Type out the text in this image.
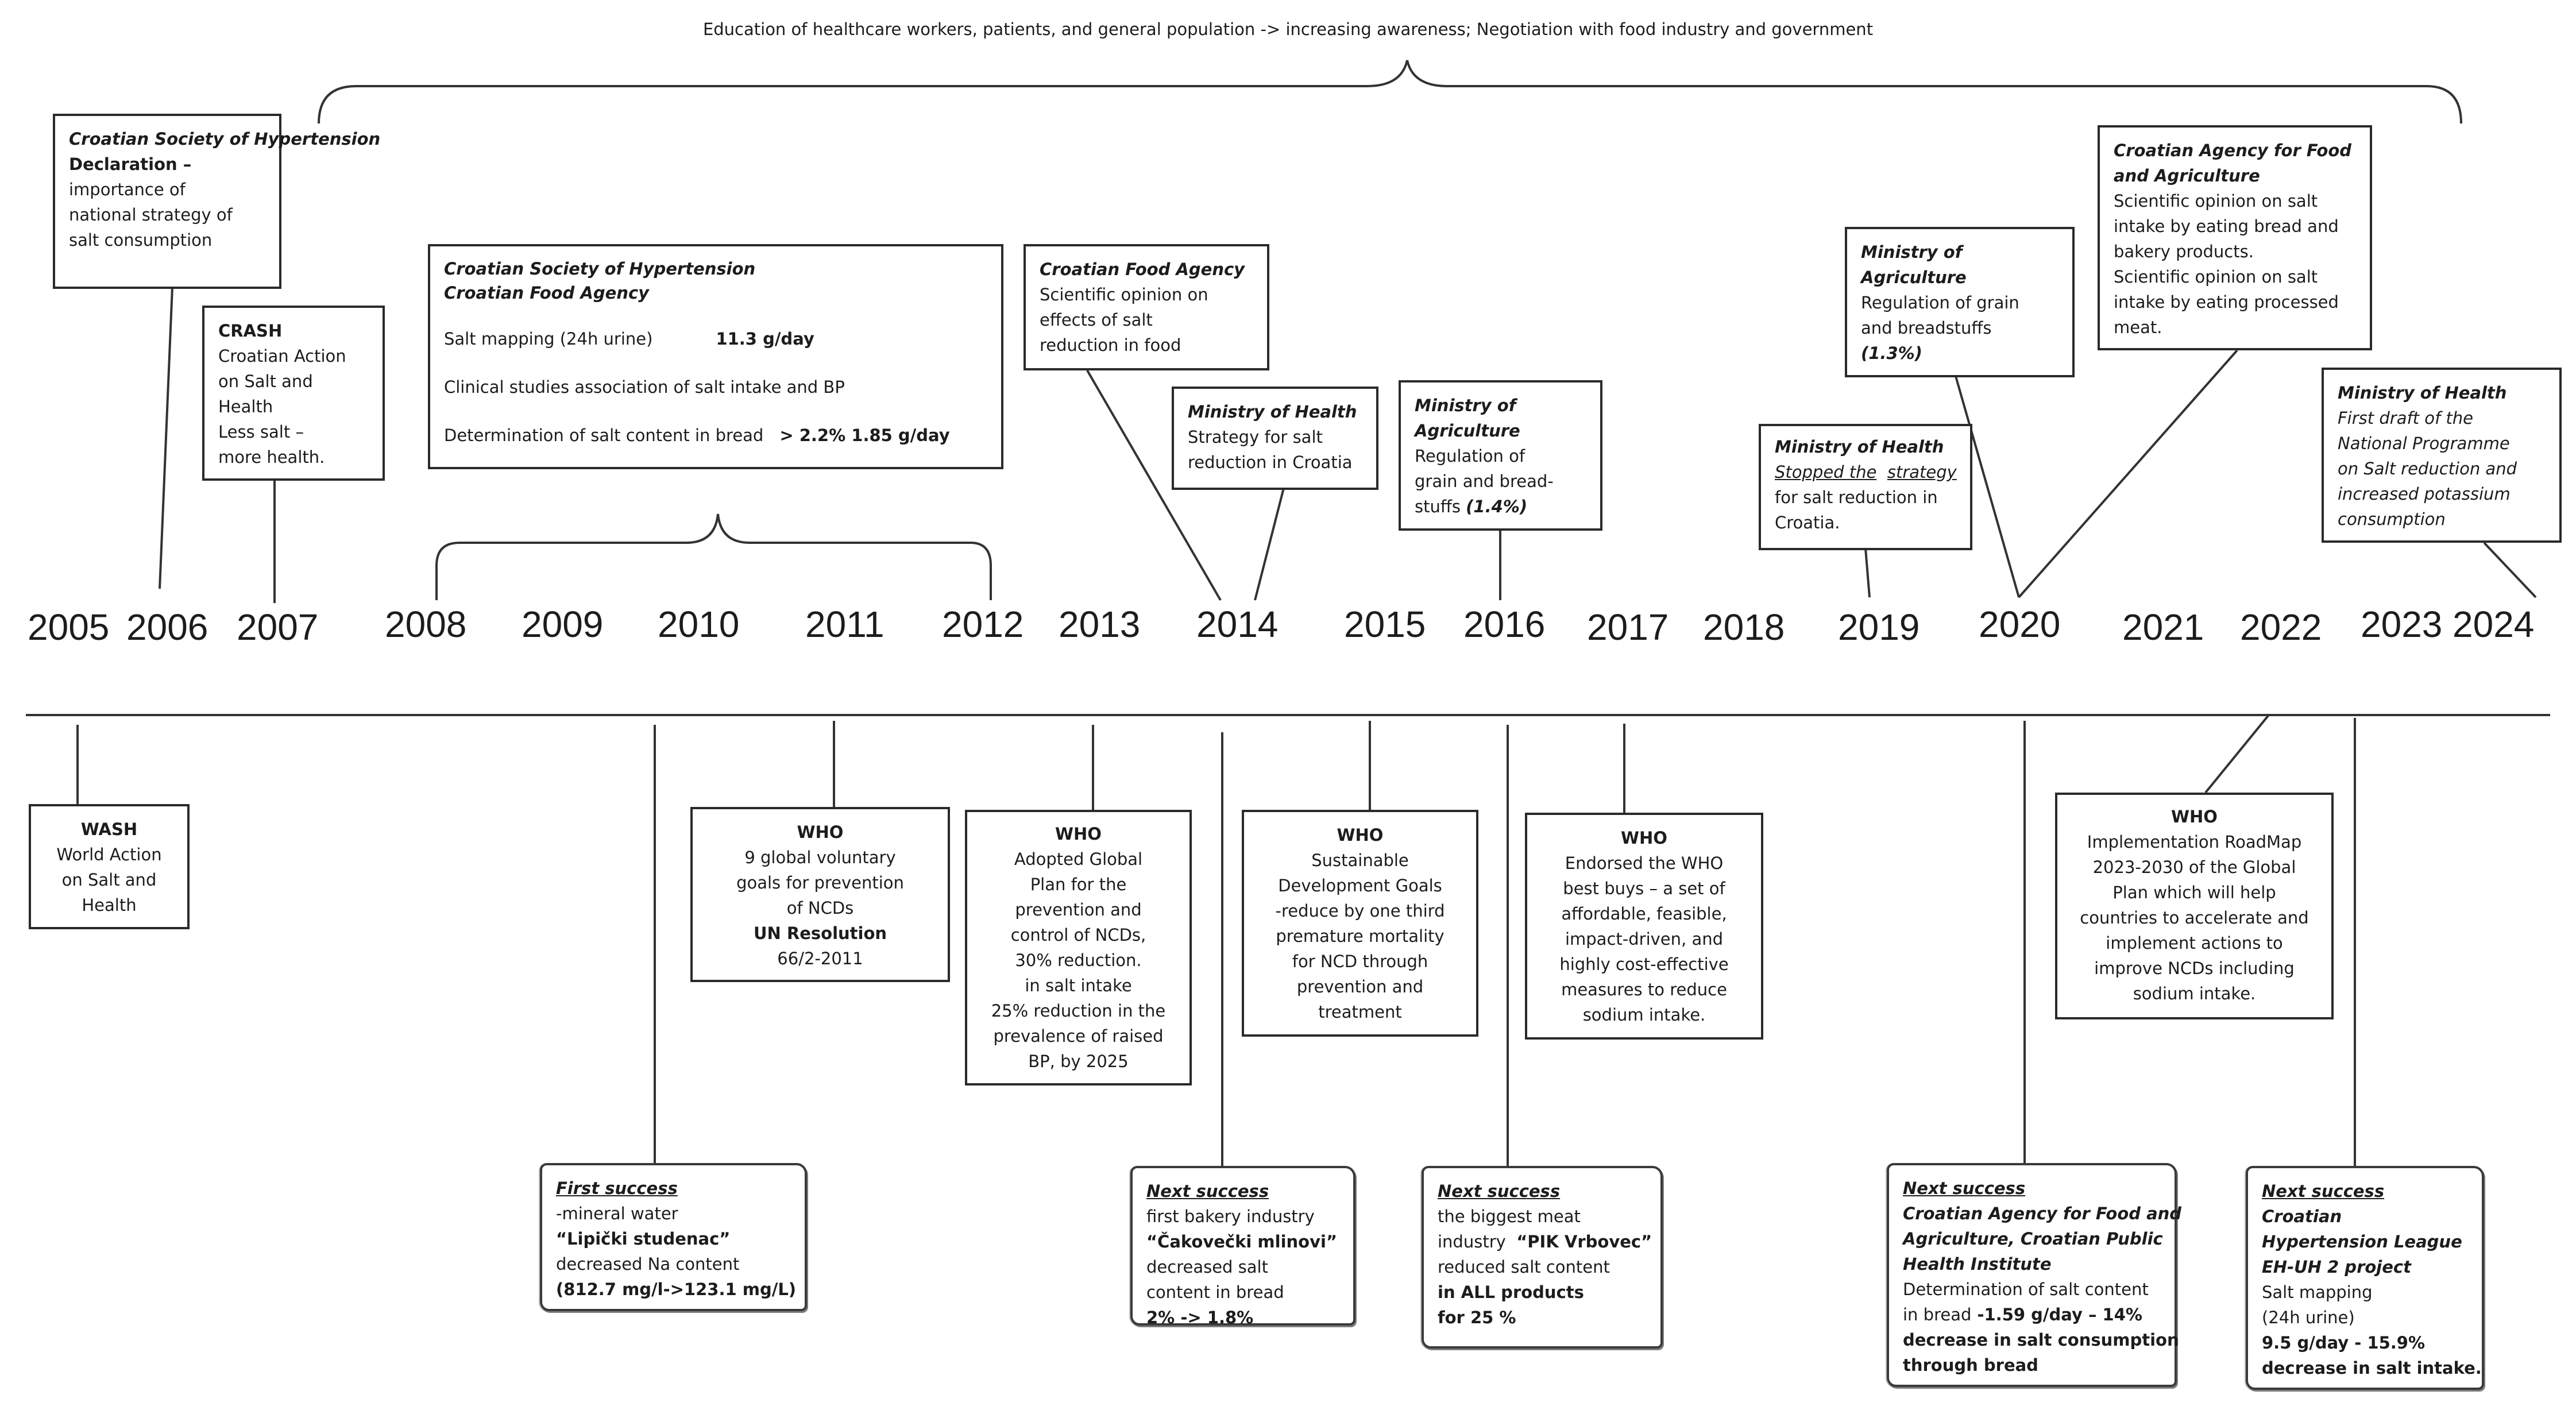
Education of healthcare workers, patients, and general population -> increasing awareness; Negotiation with food industry and government
2005 2006 2007 2008 2009 2010 2011 2012 2013 2014 2015 2016 2017 2018 2019 2020 2021 2022 2023 2024
Croatian Society of Hypertension
Declaration –
importance of
national strategy of
salt consumption
CRASH
Croatian Action
on Salt and
Health
Less salt –
more health.
Croatian Society of Hypertension
Croatian Food Agency
Salt mapping (24h urine)	11.3 g/day
Clinical studies association of salt intake and BP
Determination of salt content in bread > 2.2% 1.85 g/day
Croatian Food Agency
Scientific opinion on
effects of salt
reduction in food
Ministry of Health
Strategy for salt
reduction in Croatia
Ministry of
Agriculture
Regulation of
grain and bread-
stuffs (1.4%)
Ministry of Health
Stopped the strategy
for salt reduction in
Croatia.
Ministry of
Agriculture
Regulation of grain
and breadstuffs
(1.3%)
Croatian Agency for Food
and Agriculture
Scientific opinion on salt
intake by eating bread and
bakery products.
Scientific opinion on salt
intake by eating processed
meat.
Ministry of Health
First draft of the
National Programme
on Salt reduction and
increased potassium
consumption
WASH
World Action
on Salt and
Health
WHO
9 global voluntary
goals for prevention
of NCDs
UN Resolution
66/2-2011
WHO
Adopted Global
Plan for the
prevention and
control of NCDs,
30% reduction.
in salt intake
25% reduction in the
prevalence of raised
BP, by 2025
WHO
Sustainable
Development Goals
-reduce by one third
premature mortality
for NCD through
prevention and
treatment
WHO
Endorsed the WHO
best buys – a set of
affordable, feasible,
impact-driven, and
highly cost-effective
measures to reduce
sodium intake.
WHO
Implementation RoadMap
2023-2030 of the Global
Plan which will help
countries to accelerate and
implement actions to
improve NCDs including
sodium intake.
First success
-mineral water
“Lipički studenac”
decreased Na content
(812.7 mg/l->123.1 mg/L)
Next success
first bakery industry
“Čakovečki mlinovi”
decreased salt
content in bread
2% -> 1.8%
Next success
the biggest meat
industry “PIK Vrbovec”
reduced salt content
in ALL products
for 25 %
Next success
Croatian Agency for Food and
Agriculture, Croatian Public
Health Institute
Determination of salt content
in bread -1.59 g/day – 14%
decrease in salt consumption
through bread
Next success
Croatian
Hypertension League
EH-UH 2 project
Salt mapping
(24h urine)
9.5 g/day - 15.9%
decrease in salt intake.
